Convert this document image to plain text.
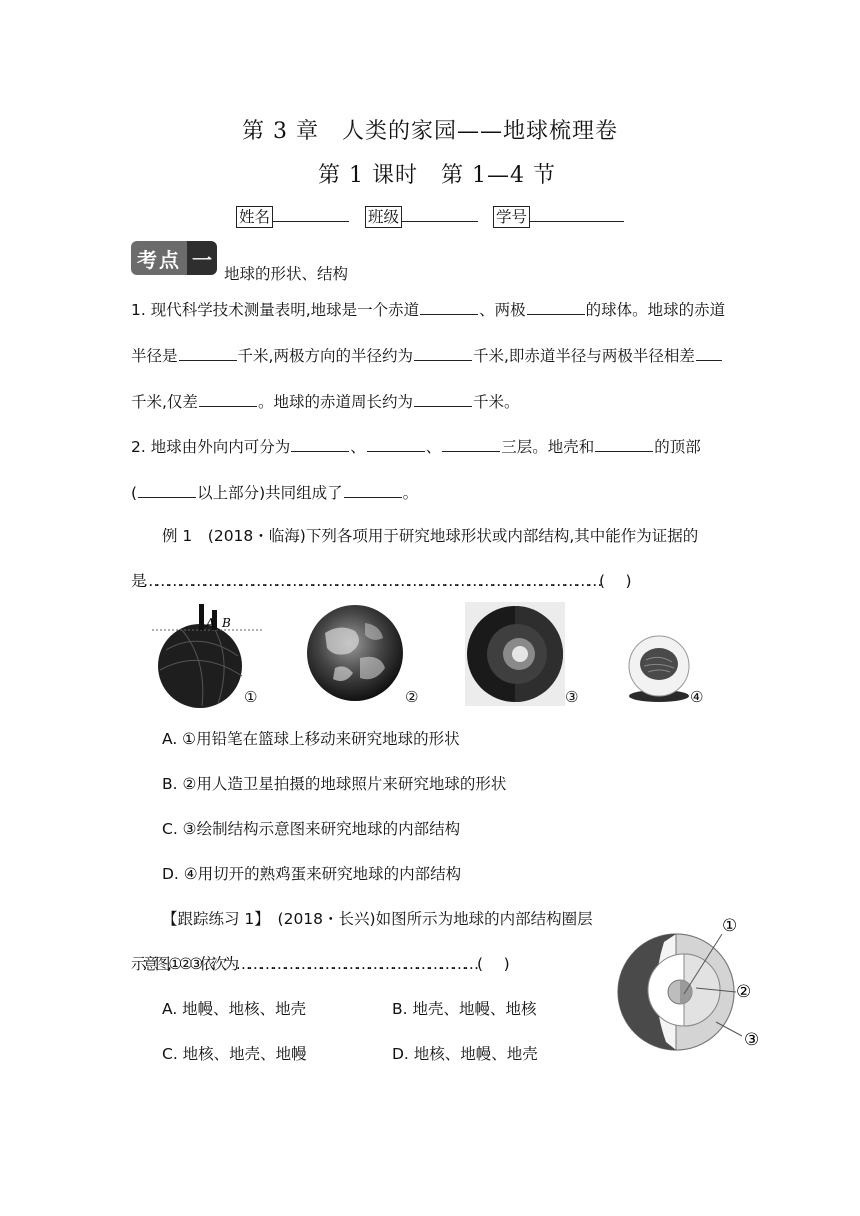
第 3 章　人类的家园——地球梳理卷
第 1 课时　第 1—4 节
姓名	班级	学号
考点 一
地球的形状、结构
1. 现代科学技术测量表明,地球是一个赤道	、两极	的球体。地球的赤道
半径是	千米,两极方向的半径约为	千米,即赤道半径与两极半径相差
千米,仅差	。地球的赤道周长约为	千米。
2. 地球由外向内可分为	、	、	三层。地壳和	的顶部
(	以上部分)共同组成了	。
例 1　(2018・临海)下列各项用于研究地球形状或内部结构,其中能作为证据的
是……………………………………………………………………………………………………(　　)
A B
①	②	③	④
A. ①用铅笔在篮球上移动来研究地球的形状
B. ②用人造卫星拍摄的地球照片来研究地球的形状
C. ③绘制结构示意图来研究地球的内部结构
D. ④用切开的熟鸡蛋来研究地球的内部结构
【跟踪练习 1】　(2018・长兴)如图所示为地球的内部结构圈层
示意图,①②③依次为…………………………………………………… (　　)
A. 地幔、地核、地壳	B. 地壳、地幔、地核
C. 地核、地壳、地幔	D. 地核、地幔、地壳
①
②
③
